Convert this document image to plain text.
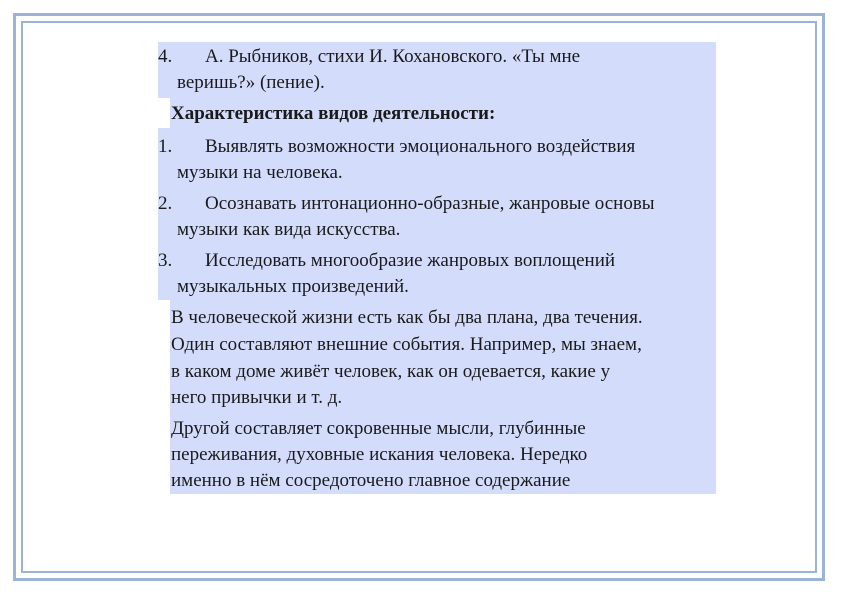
4. А. Рыбников, стихи И. Кохановского. «Ты мне
веришь?» (пение).
Характеристика видов деятельности:
1. Выявлять возможности эмоционального воздействия
музыки на человека.
2. Осознавать интонационно-образные, жанровые основы
музыки как вида искусства.
3. Исследовать многообразие жанровых воплощений
музыкальных произведений.
В человеческой жизни есть как бы два плана, два течения.
Один составляют внешние события. Например, мы знаем,
в каком доме живёт человек, как он одевается, какие у
него привычки и т. д.
Другой составляет сокровенные мысли, глубинные
переживания, духовные искания человека. Нередко
именно в нём сосредоточено главное содержание
